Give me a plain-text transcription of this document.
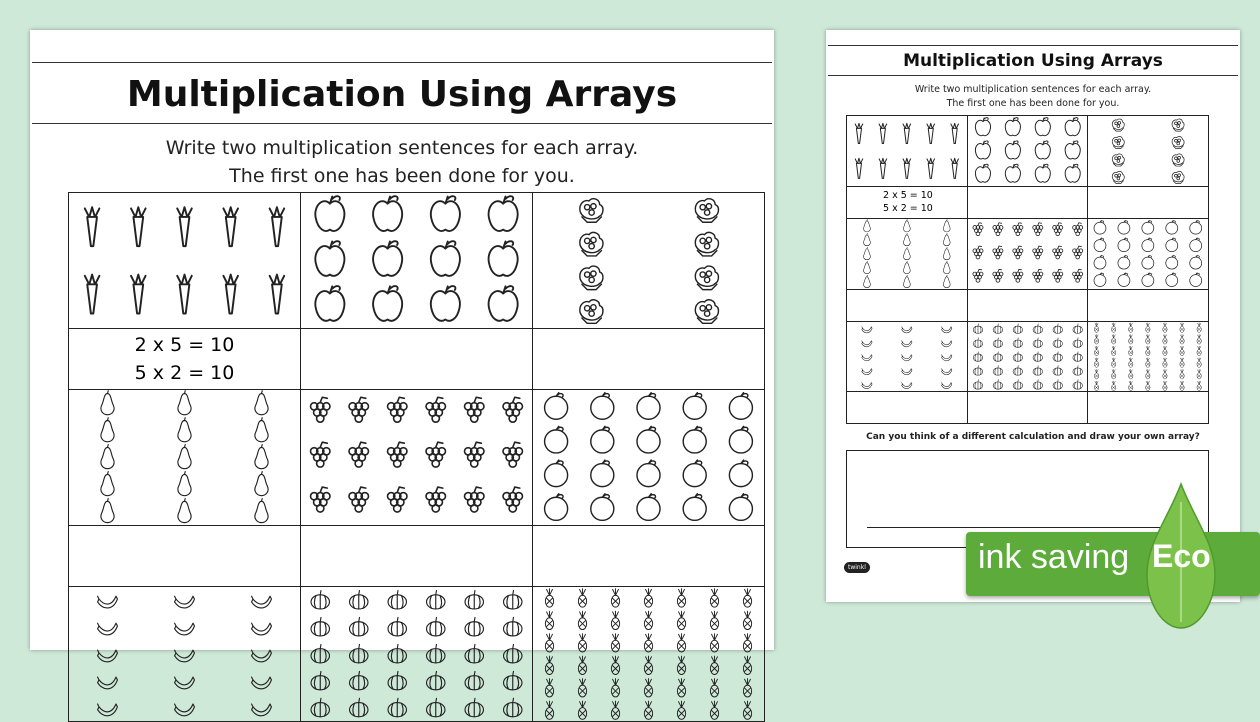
Multiplication Using Arrays
Write two multiplication sentences for each array.
The first one has been done for you.

2 x 5 = 10
5 x 2 = 10		

Multiplication Using Arrays
Write two multiplication sentences for each array.
The first one has been done for you.

2 x 5 = 10
5 x 2 = 10		

Can you think of a different calculation and draw your own array?
twinkl	ink saving Eco
